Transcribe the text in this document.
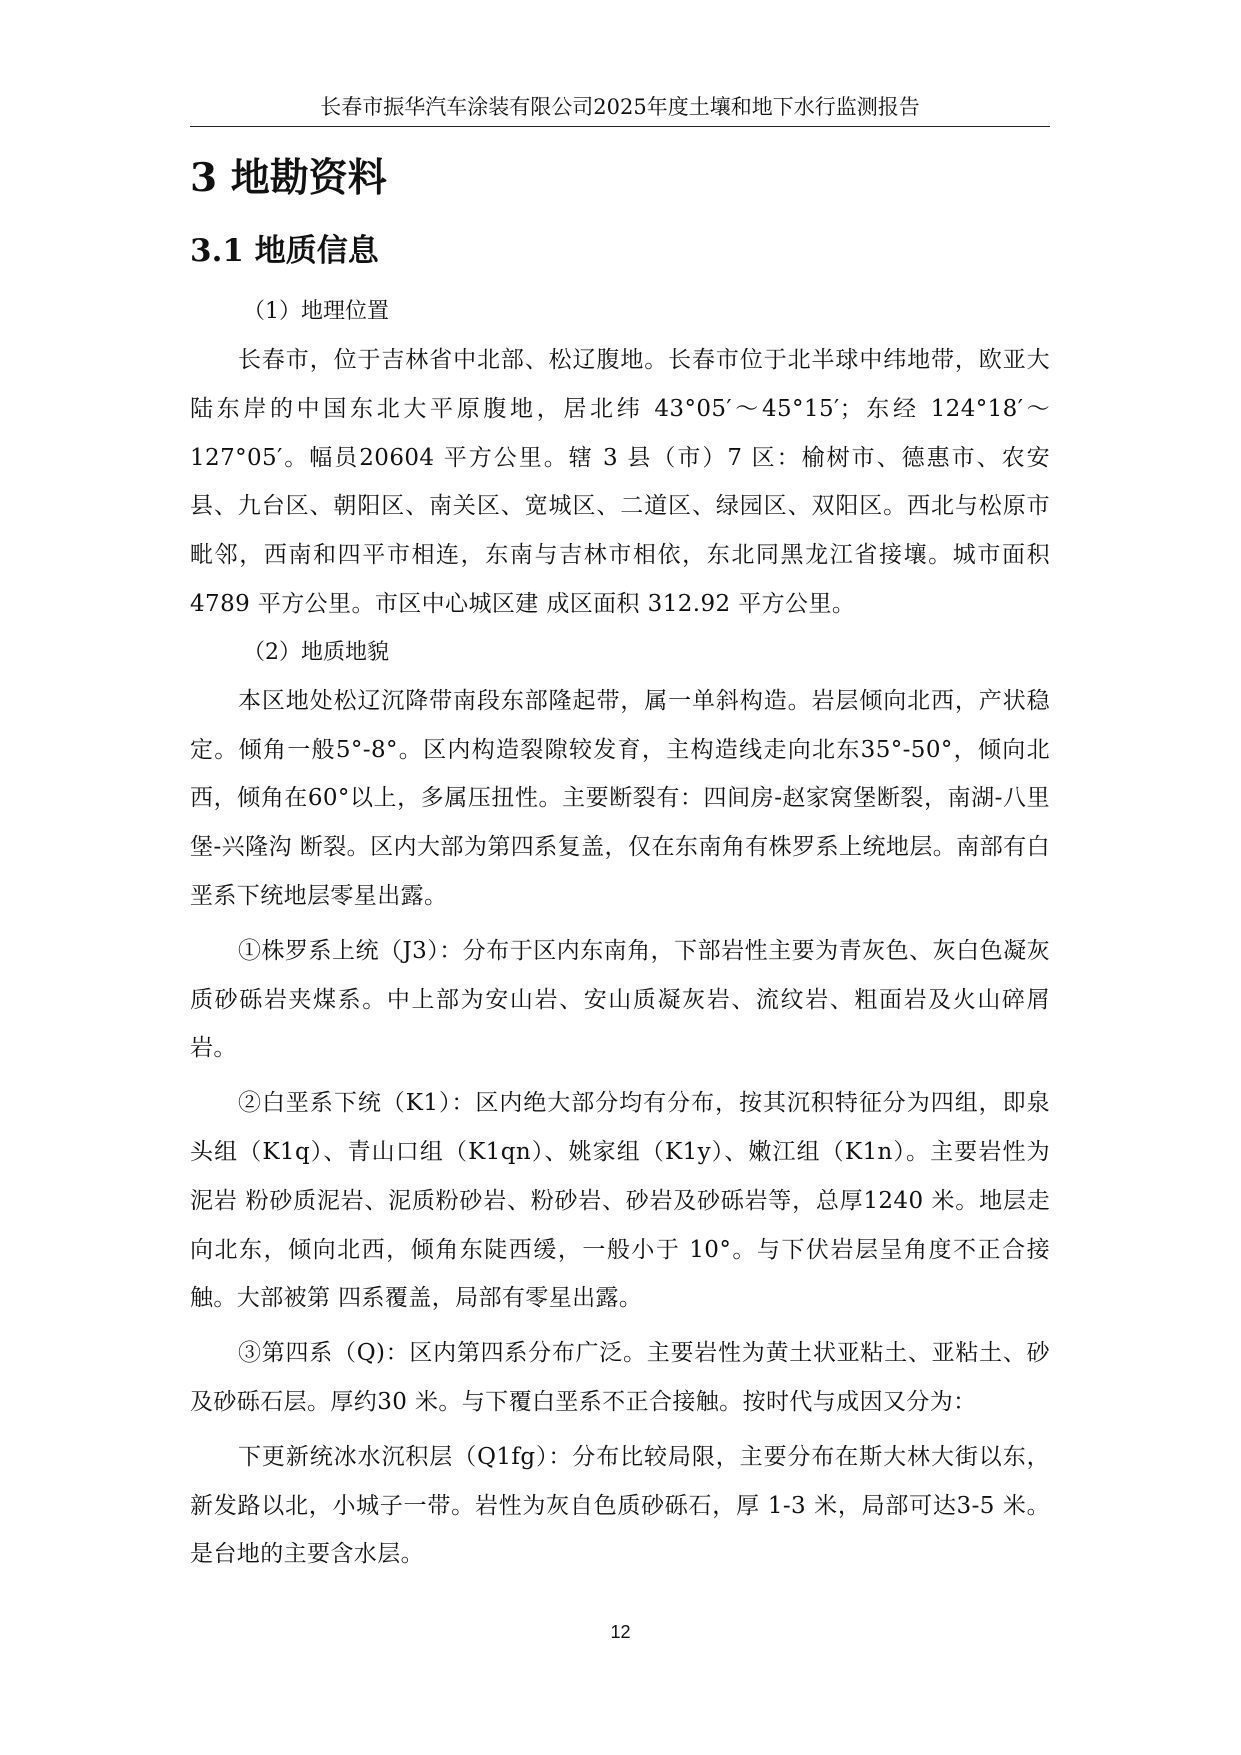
长春市振华汽车涂装有限公司2025年度土壤和地下水行监测报告
3 地勘资料
3.1 地质信息
（1）地理位置

长春市，位于吉林省中北部、松辽腹地。长春市位于北半球中纬地带，欧亚大陆东岸的中国东北大平原腹地，居北纬 43°05′～45°15′；东经 124°18′～127°05′。幅员20604 平方公里。辖 3 县（市）7 区：榆树市、德惠市、农安县、九台区、朝阳区、南关区、宽城区、二道区、绿园区、双阳区。西北与松原市毗邻，西南和四平市相连，东南与吉林市相依，东北同黑龙江省接壤。城市面积 4789 平方公里。市区中心城区建 成区面积 312.92 平方公里。

（2）地质地貌

本区地处松辽沉降带南段东部隆起带，属一单斜构造。岩层倾向北西，产状稳定。倾角一般5°-8°。区内构造裂隙较发育，主构造线走向北东35°-50°，倾向北西，倾角在60°以上，多属压扭性。主要断裂有：四间房-赵家窝堡断裂，南湖-八里堡-兴隆沟 断裂。区内大部为第四系复盖，仅在东南角有株罗系上统地层。南部有白垩系下统地层零星出露。

①株罗系上统（J3）：分布于区内东南角，下部岩性主要为青灰色、灰白色凝灰 质砂砾岩夹煤系。中上部为安山岩、安山质凝灰岩、流纹岩、粗面岩及火山碎屑岩。

②白垩系下统（K1）：区内绝大部分均有分布，按其沉积特征分为四组，即泉头组（K1q）、青山口组（K1qn）、姚家组（K1y）、嫩江组（K1n）。主要岩性为泥岩 粉砂质泥岩、泥质粉砂岩、粉砂岩、砂岩及砂砾岩等，总厚1240 米。地层走向北东，倾向北西，倾角东陡西缓，一般小于 10°。与下伏岩层呈角度不正合接触。大部被第 四系覆盖，局部有零星出露。

③第四系（Q)：区内第四系分布广泛。主要岩性为黄土状亚粘土、亚粘土、砂及砂砾石层。厚约30 米。与下覆白垩系不正合接触。按时代与成因又分为：

下更新统冰水沉积层（Q1fg）：分布比较局限，主要分布在斯大林大街以东，新发路以北，小城子一带。岩性为灰自色质砂砾石，厚 1-3 米，局部可达3-5 米。是台地的主要含水层。

12
